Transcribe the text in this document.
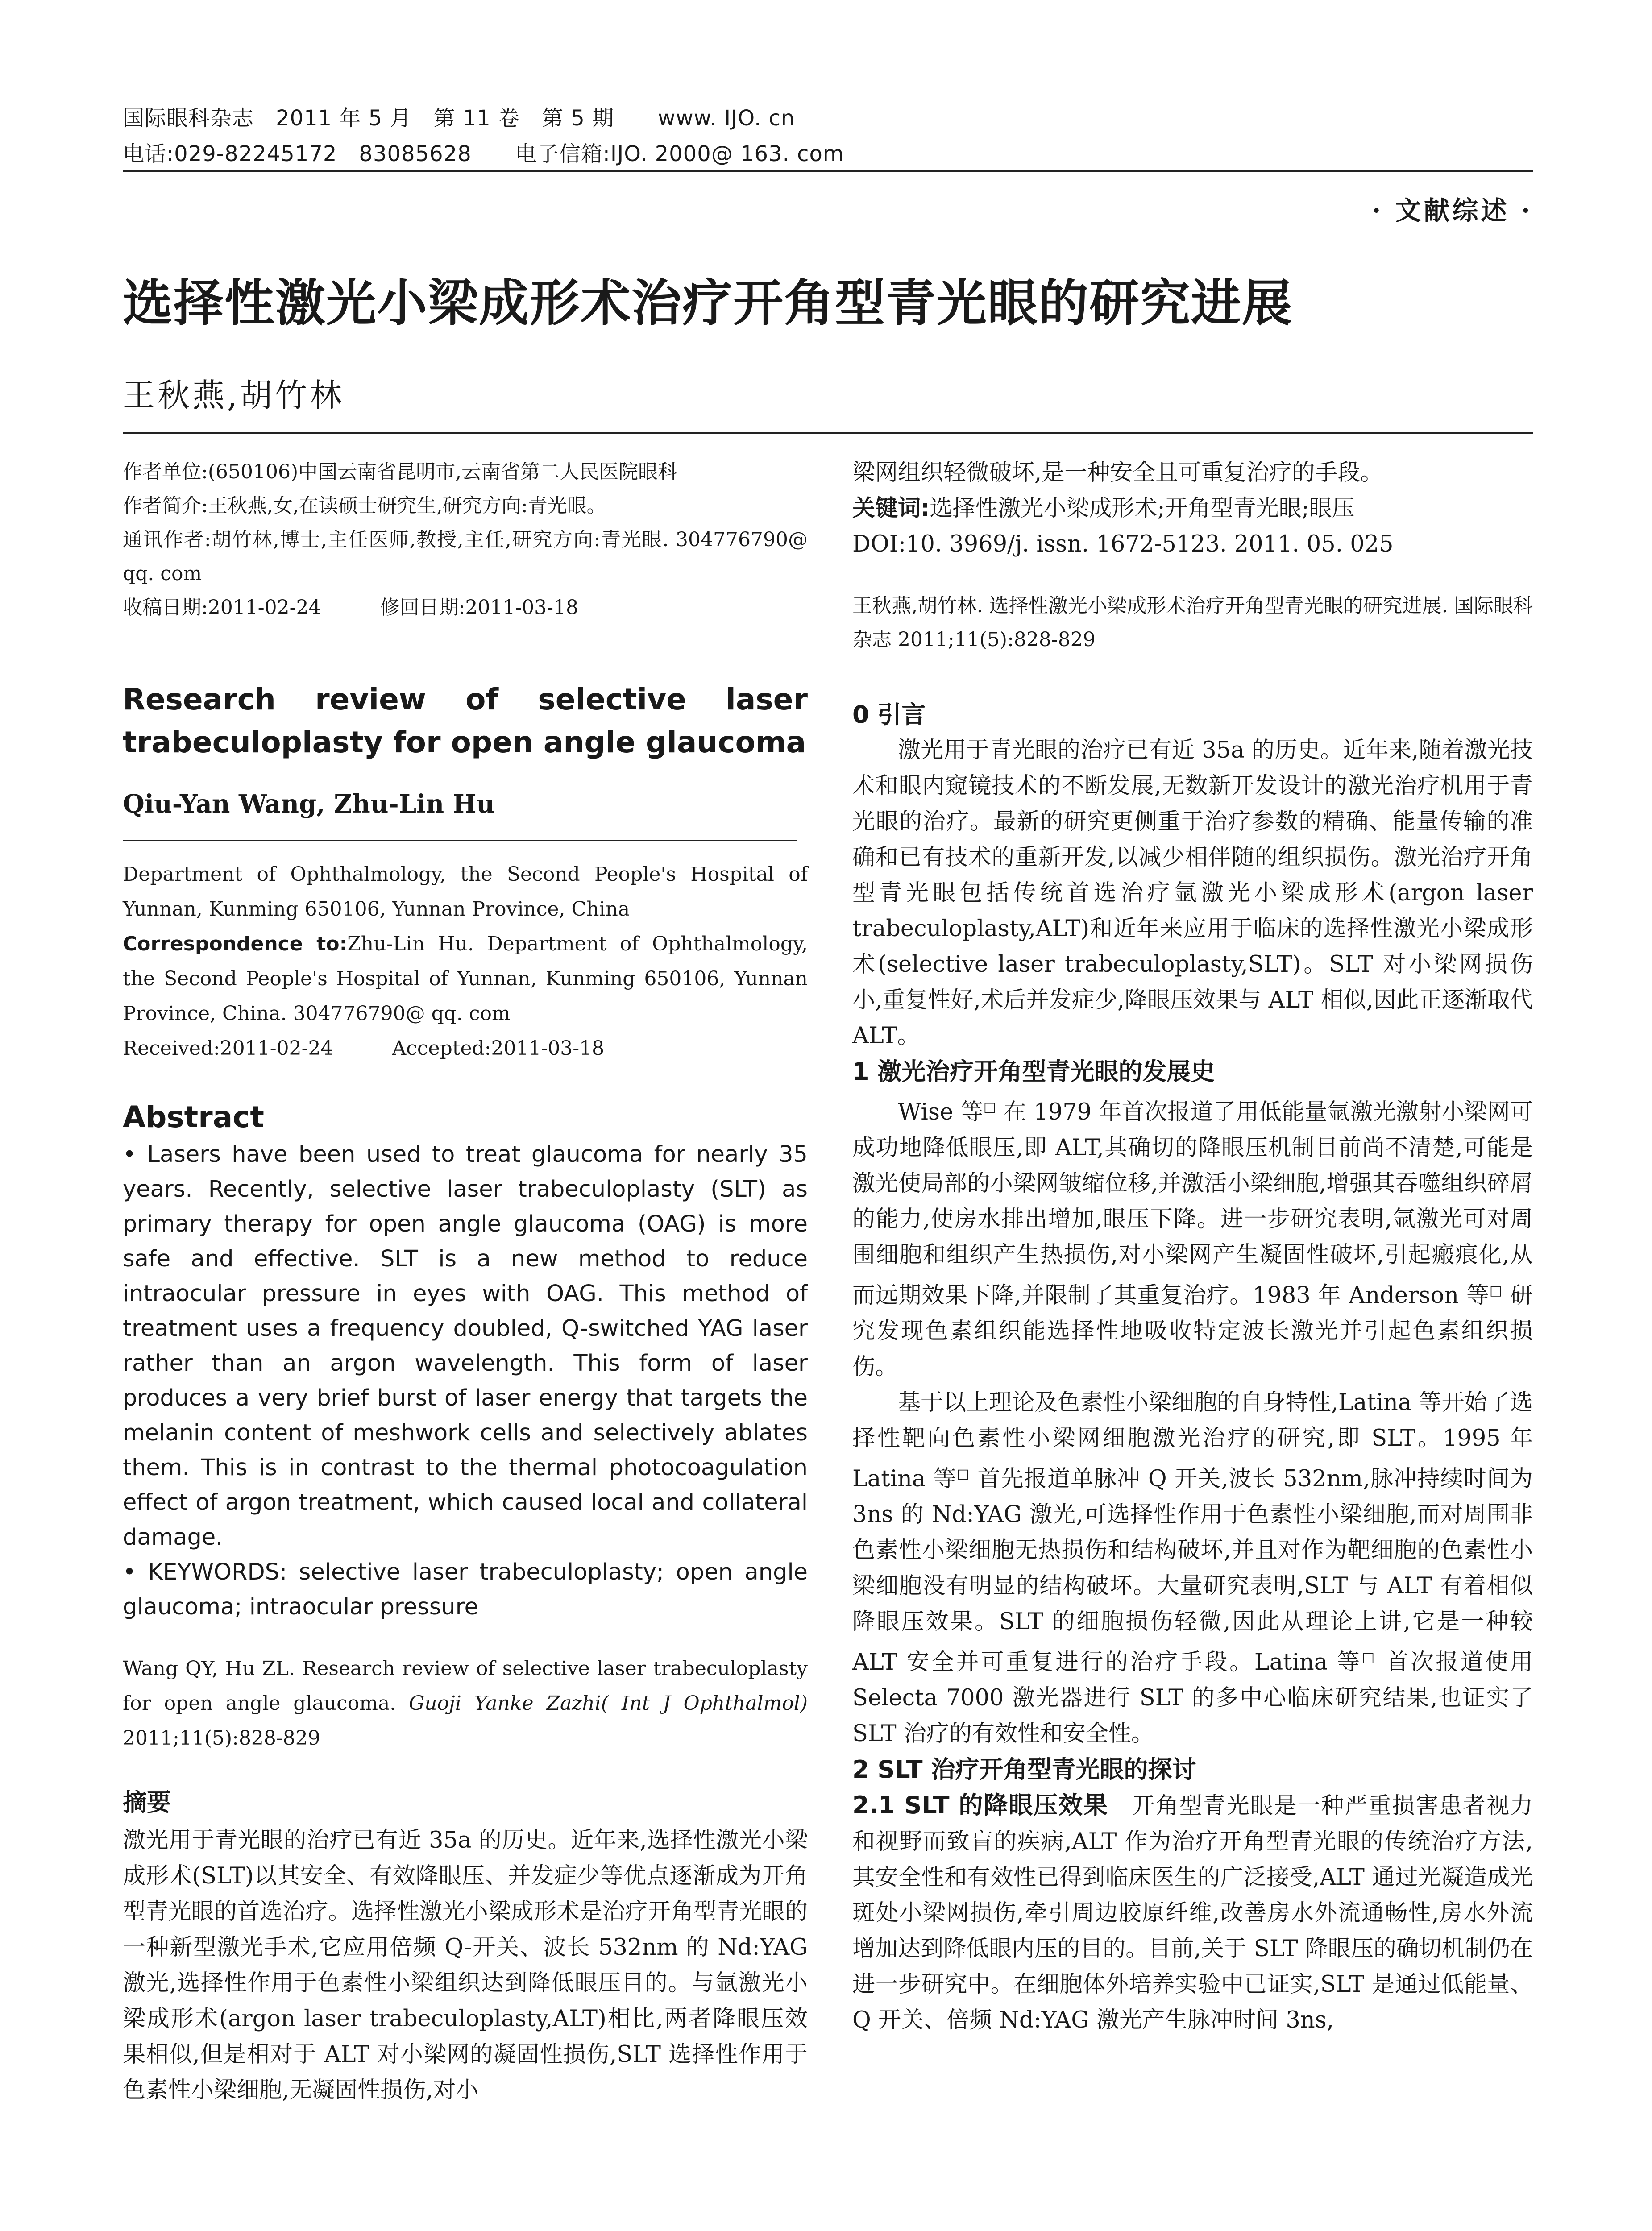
国际眼科杂志　2011 年 5 月　第 11 卷　第 5 期　　www. IJO. cn
电话:029-82245172　83085628　　电子信箱:IJO. 2000@ 163. com
· 文献综述 ·
选择性激光小梁成形术治疗开角型青光眼的研究进展
王秋燕,胡竹林
作者单位:(650106)中国云南省昆明市,云南省第二人民医院眼科
作者简介:王秋燕,女,在读硕士研究生,研究方向:青光眼。
通讯作者:胡竹林,博士,主任医师,教授,主任,研究方向:青光眼. 304776790@ qq. com
收稿日期:2011-02-24　　　修回日期:2011-03-18
Research review of selective laser trabeculoplasty for open angle glaucoma
Qiu-Yan Wang, Zhu-Lin Hu
Department of Ophthalmology, the Second People's Hospital of Yunnan, Kunming 650106, Yunnan Province, China
Correspondence to:Zhu-Lin Hu. Department of Ophthalmology, the Second People's Hospital of Yunnan, Kunming 650106, Yunnan Province, China. 304776790@ qq. com
Received:2011-02-24　　　Accepted:2011-03-18
Abstract
• Lasers have been used to treat glaucoma for nearly 35 years. Recently, selective laser trabeculoplasty (SLT) as primary therapy for open angle glaucoma (OAG) is more safe and effective. SLT is a new method to reduce intraocular pressure in eyes with OAG. This method of treatment uses a frequency doubled, Q-switched YAG laser rather than an argon wavelength. This form of laser produces a very brief burst of laser energy that targets the melanin content of meshwork cells and selectively ablates them. This is in contrast to the thermal photocoagulation effect of argon treatment, which caused local and collateral damage.
• KEYWORDS: selective laser trabeculoplasty; open angle glaucoma; intraocular pressure
Wang QY, Hu ZL. Research review of selective laser trabeculoplasty for open angle glaucoma. Guoji Yanke Zazhi( Int J Ophthalmol) 2011;11(5):828-829
摘要
激光用于青光眼的治疗已有近 35a 的历史。近年来,选择性激光小梁成形术(SLT)以其安全、有效降眼压、并发症少等优点逐渐成为开角型青光眼的首选治疗。选择性激光小梁成形术是治疗开角型青光眼的一种新型激光手术,它应用倍频 Q-开关、波长 532nm 的 Nd:YAG 激光,选择性作用于色素性小梁组织达到降低眼压目的。与氩激光小梁成形术(argon laser trabeculoplasty,ALT)相比,两者降眼压效果相似,但是相对于 ALT 对小梁网的凝固性损伤,SLT 选择性作用于色素性小梁细胞,无凝固性损伤,对小
梁网组织轻微破坏,是一种安全且可重复治疗的手段。
关键词:选择性激光小梁成形术;开角型青光眼;眼压
DOI:10. 3969/j. issn. 1672-5123. 2011. 05. 025
王秋燕,胡竹林. 选择性激光小梁成形术治疗开角型青光眼的研究进展. 国际眼科杂志 2011;11(5):828-829
0 引言
激光用于青光眼的治疗已有近 35a 的历史。近年来,随着激光技术和眼内窥镜技术的不断发展,无数新开发设计的激光治疗机用于青光眼的治疗。最新的研究更侧重于治疗参数的精确、能量传输的准确和已有技术的重新开发,以减少相伴随的组织损伤。激光治疗开角型青光眼包括传统首选治疗氩激光小梁成形术(argon laser trabeculoplasty,ALT)和近年来应用于临床的选择性激光小梁成形术(selective laser trabeculoplasty,SLT)。SLT 对小梁网损伤小,重复性好,术后并发症少,降眼压效果与 ALT 相似,因此正逐渐取代 ALT。
1 激光治疗开角型青光眼的发展史
Wise 等□ 在 1979 年首次报道了用低能量氩激光激射小梁网可成功地降低眼压,即 ALT,其确切的降眼压机制目前尚不清楚,可能是激光使局部的小梁网皱缩位移,并激活小梁细胞,增强其吞噬组织碎屑的能力,使房水排出增加,眼压下降。进一步研究表明,氩激光可对周围细胞和组织产生热损伤,对小梁网产生凝固性破坏,引起瘢痕化,从而远期效果下降,并限制了其重复治疗。1983 年 Anderson 等□ 研究发现色素组织能选择性地吸收特定波长激光并引起色素组织损伤。
基于以上理论及色素性小梁细胞的自身特性,Latina 等开始了选择性靶向色素性小梁网细胞激光治疗的研究,即 SLT。1995 年 Latina 等□ 首先报道单脉冲 Q 开关,波长 532nm,脉冲持续时间为 3ns 的 Nd:YAG 激光,可选择性作用于色素性小梁细胞,而对周围非色素性小梁细胞无热损伤和结构破坏,并且对作为靶细胞的色素性小梁细胞没有明显的结构破坏。大量研究表明,SLT 与 ALT 有着相似降眼压效果。SLT 的细胞损伤轻微,因此从理论上讲,它是一种较 ALT 安全并可重复进行的治疗手段。Latina 等□ 首次报道使用 Selecta 7000 激光器进行 SLT 的多中心临床研究结果,也证实了 SLT 治疗的有效性和安全性。
2 SLT 治疗开角型青光眼的探讨
2.1 SLT 的降眼压效果　开角型青光眼是一种严重损害患者视力和视野而致盲的疾病,ALT 作为治疗开角型青光眼的传统治疗方法,其安全性和有效性已得到临床医生的广泛接受,ALT 通过光凝造成光斑处小梁网损伤,牵引周边胶原纤维,改善房水外流通畅性,房水外流增加达到降低眼内压的目的。目前,关于 SLT 降眼压的确切机制仍在进一步研究中。在细胞体外培养实验中已证实,SLT 是通过低能量、Q 开关、倍频 Nd:YAG 激光产生脉冲时间 3ns,
